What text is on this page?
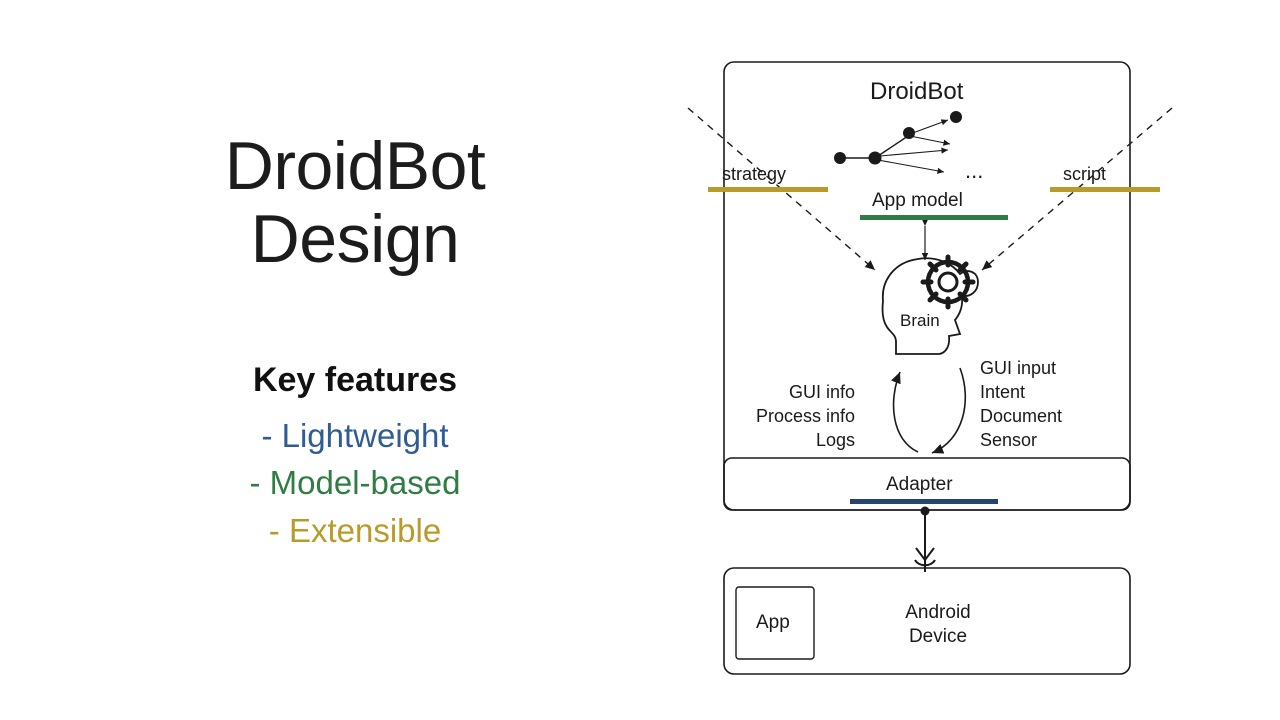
DroidBot
Design
Key features
- Lightweight
- Model-based
- Extensible
DroidBot
App model
...
Brain
Adapter
strategy	script
GUI info
Process info
Logs
GUI input
Intent
Document
Sensor
App	Android
Device
